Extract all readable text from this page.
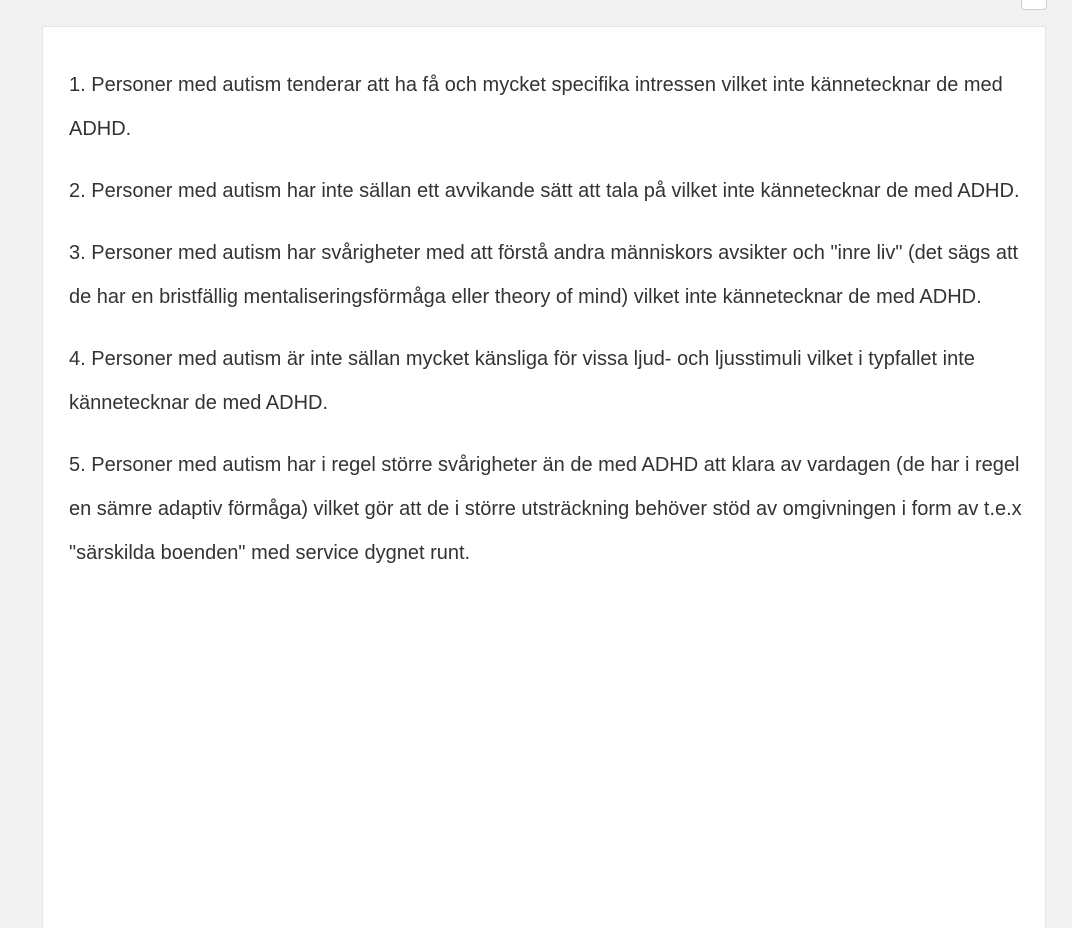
1. Personer med autism tenderar att ha få och mycket specifika intressen vilket inte kännetecknar de med ADHD.

2. Personer med autism har inte sällan ett avvikande sätt att tala på vilket inte kännetecknar de med ADHD.

3. Personer med autism har svårigheter med att förstå andra människors avsikter och "inre liv" (det sägs att de har en bristfällig mentaliseringsförmåga eller theory of mind) vilket inte kännetecknar de med ADHD.

4. Personer med autism är inte sällan mycket känsliga för vissa ljud- och ljusstimuli vilket i typfallet inte kännetecknar de med ADHD.

5. Personer med autism har i regel större svårigheter än de med ADHD att klara av vardagen (de har i regel en sämre adaptiv förmåga) vilket gör att de i större utsträckning behöver stöd av omgivningen i form av t.e.x "särskilda boenden" med service dygnet runt.
